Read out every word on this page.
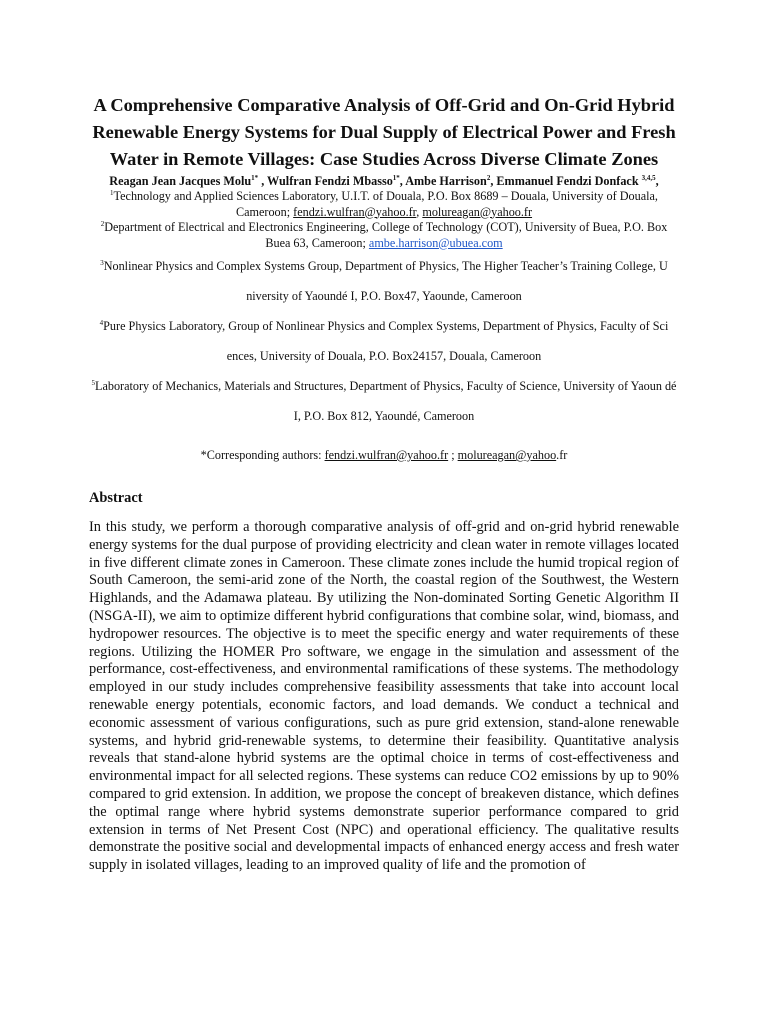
A Comprehensive Comparative Analysis of Off-Grid and On-Grid Hybrid Renewable Energy Systems for Dual Supply of Electrical Power and Fresh Water in Remote Villages: Case Studies Across Diverse Climate Zones
Reagan Jean Jacques Molu$^{1*}$ , Wulfran Fendzi Mbasso$^{1*}$, Ambe Harrison$^2$, Emmanuel Fendzi Donfack $^{3,4,5}$,
$^1$Technology and Applied Sciences Laboratory, U.I.T. of Douala, P.O. Box 8689 – Douala, University of Douala, Cameroon; fendzi.wulfran@yahoo.fr, molureagan@yahoo.fr
$^2$Department of Electrical and Electronics Engineering, College of Technology (COT), University of Buea, P.O. Box Buea 63, Cameroon; ambe.harrison@ubuea.com
$^3$Nonlinear Physics and Complex Systems Group, Department of Physics, The Higher Teacher’s Training College, U niversity of Yaoundé I, P.O. Box47, Yaounde, Cameroon
$^4$Pure Physics Laboratory, Group of Nonlinear Physics and Complex Systems, Department of Physics, Faculty of Sci ences, University of Douala, P.O. Box24157, Douala, Cameroon
$^5$Laboratory of Mechanics, Materials and Structures, Department of Physics, Faculty of Science, University of Yaoun dé I, P.O. Box 812, Yaoundé, Cameroon
*Corresponding authors: fendzi.wulfran@yahoo.fr ; molureagan@yahoo.fr
Abstract
In this study, we perform a thorough comparative analysis of off-grid and on-grid hybrid renewable energy systems for the dual purpose of providing electricity and clean water in remote villages located in five different climate zones in Cameroon. These climate zones include the humid tropical region of South Cameroon, the semi-arid zone of the North, the coastal region of the Southwest, the Western Highlands, and the Adamawa plateau. By utilizing the Non-dominated Sorting Genetic Algorithm II (NSGA-II), we aim to optimize different hybrid configurations that combine solar, wind, biomass, and hydropower resources. The objective is to meet the specific energy and water requirements of these regions. Utilizing the HOMER Pro software, we engage in the simulation and assessment of the performance, cost-effectiveness, and environmental ramifications of these systems. The methodology employed in our study includes comprehensive feasibility assessments that take into account local renewable energy potentials, economic factors, and load demands. We conduct a technical and economic assessment of various configurations, such as pure grid extension, stand-alone renewable systems, and hybrid grid-renewable systems, to determine their feasibility. Quantitative analysis reveals that stand-alone hybrid systems are the optimal choice in terms of cost-effectiveness and environmental impact for all selected regions. These systems can reduce CO2 emissions by up to 90% compared to grid extension. In addition, we propose the concept of breakeven distance, which defines the optimal range where hybrid systems demonstrate superior performance compared to grid extension in terms of Net Present Cost (NPC) and operational efficiency. The qualitative results demonstrate the positive social and developmental impacts of enhanced energy access and fresh water supply in isolated villages, leading to an improved quality of life and the promotion of
